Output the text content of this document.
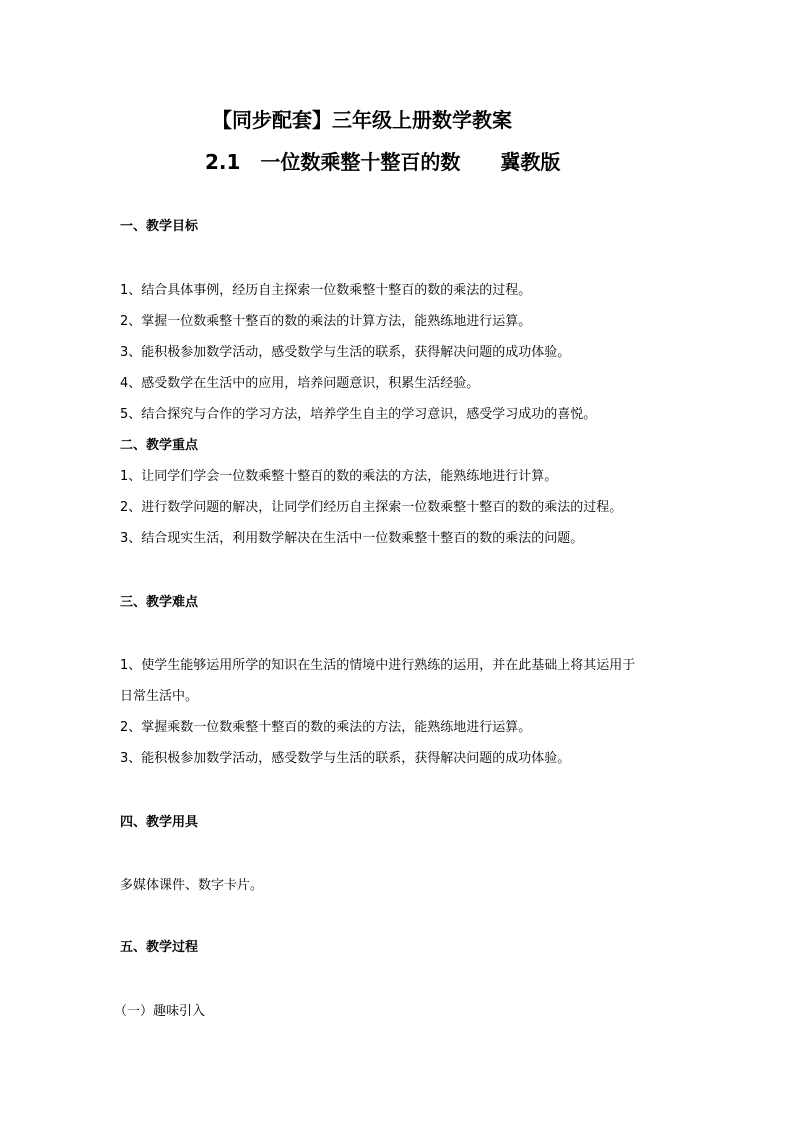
【同步配套】三年级上册数学教案
2.1　一位数乘整十整百的数　　冀教版
一、教学目标
1、结合具体事例，经历自主探索一位数乘整十整百的数的乘法的过程。
2、掌握一位数乘整十整百的数的乘法的计算方法，能熟练地进行运算。
3、能积极参加数学活动，感受数学与生活的联系，获得解决问题的成功体验。
4、感受数学在生活中的应用，培养问题意识，积累生活经验。
5、结合探究与合作的学习方法，培养学生自主的学习意识，感受学习成功的喜悦。
二、教学重点
1、让同学们学会一位数乘整十整百的数的乘法的方法，能熟练地进行计算。
2、进行数学问题的解决，让同学们经历自主探索一位数乘整十整百的数的乘法的过程。
3、结合现实生活，利用数学解决在生活中一位数乘整十整百的数的乘法的问题。
三、教学难点
1、使学生能够运用所学的知识在生活的情境中进行熟练的运用，并在此基础上将其运用于
日常生活中。
2、掌握乘数一位数乘整十整百的数的乘法的方法，能熟练地进行运算。
3、能积极参加数学活动，感受数学与生活的联系，获得解决问题的成功体验。
四、教学用具
多媒体课件、数字卡片。
五、教学过程
（一）趣味引入
